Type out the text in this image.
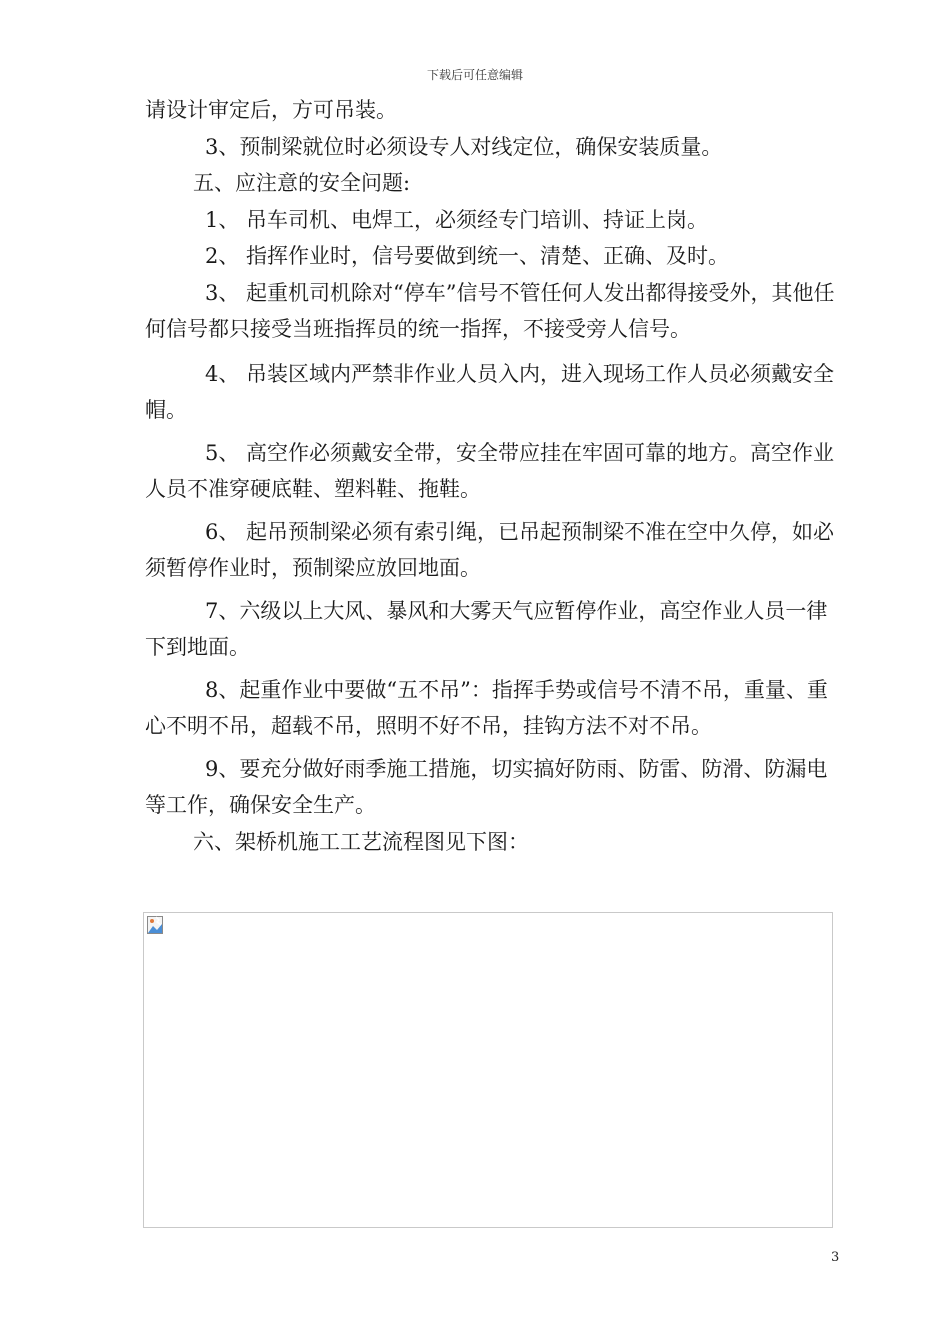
下载后可任意编辑

请设计审定后，方可吊装。

3、预制梁就位时必须设专人对线定位，确保安装质量。

五、应注意的安全问题:

1、 吊车司机、电焊工，必须经专门培训、持证上岗。

2、 指挥作业时，信号要做到统一、清楚、正确、及时。

3、 起重机司机除对“停车”信号不管任何人发出都得接受外，其他任何信号都只接受当班指挥员的统一指挥，不接受旁人信号。

4、 吊装区域内严禁非作业人员入内，进入现场工作人员必须戴安全帽。

5、 高空作必须戴安全带，安全带应挂在牢固可靠的地方。高空作业人员不准穿硬底鞋、塑料鞋、拖鞋。

6、 起吊预制梁必须有索引绳，已吊起预制梁不准在空中久停，如必须暂停作业时，预制梁应放回地面。

7、六级以上大风、暴风和大雾天气应暂停作业，高空作业人员一律下到地面。

8、起重作业中要做“五不吊”：指挥手势或信号不清不吊，重量、重心不明不吊，超载不吊，照明不好不吊，挂钩方法不对不吊。

9、要充分做好雨季施工措施，切实搞好防雨、防雷、防滑、防漏电等工作，确保安全生产。

六、架桥机施工工艺流程图见下图：

3
